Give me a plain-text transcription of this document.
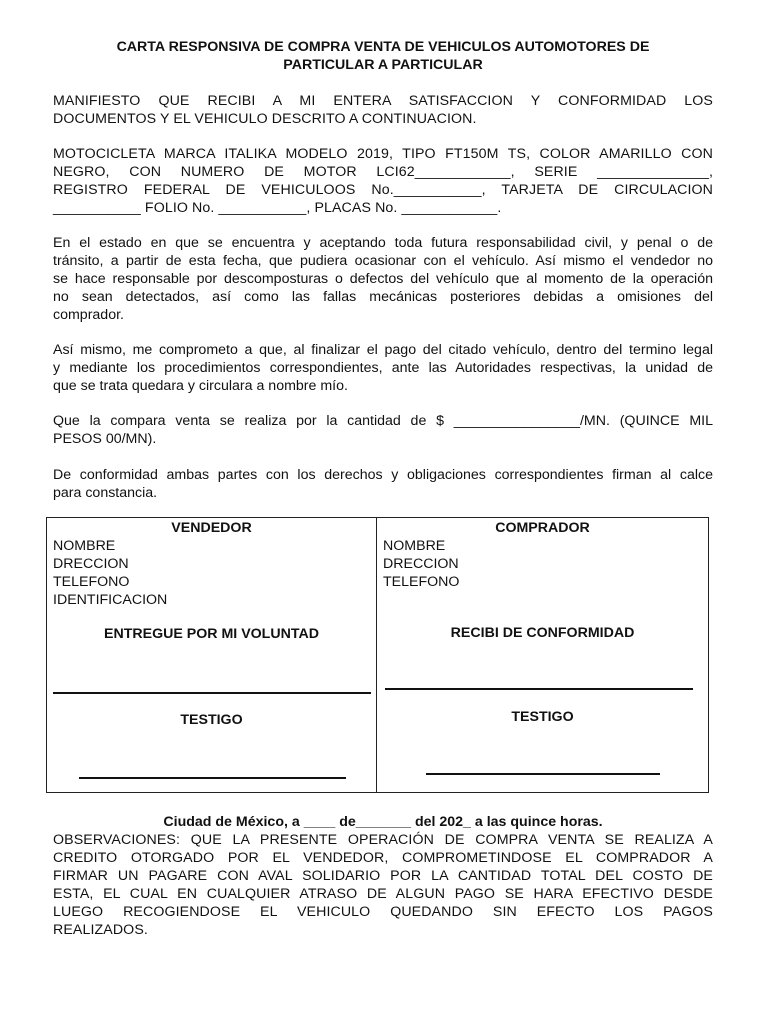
CARTA RESPONSIVA DE COMPRA VENTA DE VEHICULOS AUTOMOTORES DE
PARTICULAR A PARTICULAR
MANIFIESTO QUE RECIBI A MI ENTERA SATISFACCION Y CONFORMIDAD LOS
DOCUMENTOS Y EL VEHICULO DESCRITO A CONTINUACION.
MOTOCICLETA MARCA ITALIKA MODELO 2019, TIPO FT150M TS, COLOR AMARILLO CON
NEGRO, CON NUMERO DE MOTOR LCI62____________, SERIE ______________,
REGISTRO FEDERAL DE VEHICULOOS No.___________, TARJETA DE CIRCULACION
___________ FOLIO No. ___________, PLACAS No. ____________.
En el estado en que se encuentra y aceptando toda futura responsabilidad civil, y penal o de
tránsito, a partir de esta fecha, que pudiera ocasionar con el vehículo. Así mismo el vendedor no
se hace responsable por descomposturas o defectos del vehículo que al momento de la operación
no sean detectados, así como las fallas mecánicas posteriores debidas a omisiones del
comprador.
Así mismo, me comprometo a que, al finalizar el pago del citado vehículo, dentro del termino legal
y mediante los procedimientos correspondientes, ante las Autoridades respectivas, la unidad de
que se trata quedara y circulara a nombre mío.
Que la compara venta se realiza por la cantidad de $ ________________/MN. (QUINCE MIL
PESOS 00/MN).
De conformidad ambas partes con los derechos y obligaciones correspondientes firman al calce
para constancia.
VENDEDOR
NOMBRE
DRECCION
TELEFONO
IDENTIFICACION
ENTREGUE POR MI VOLUNTAD
TESTIGO
COMPRADOR
NOMBRE
DRECCION
TELEFONO
RECIBI DE CONFORMIDAD
TESTIGO
Ciudad de México, a ____ de_______ del 202_ a las quince horas.
OBSERVACIONES: QUE LA PRESENTE OPERACIÓN DE COMPRA VENTA SE REALIZA A
CREDITO OTORGADO POR EL VENDEDOR, COMPROMETINDOSE EL COMPRADOR A
FIRMAR UN PAGARE CON AVAL SOLIDARIO POR LA CANTIDAD TOTAL DEL COSTO DE
ESTA, EL CUAL EN CUALQUIER ATRASO DE ALGUN PAGO SE HARA EFECTIVO DESDE
LUEGO RECOGIENDOSE EL VEHICULO QUEDANDO SIN EFECTO LOS PAGOS
REALIZADOS.
